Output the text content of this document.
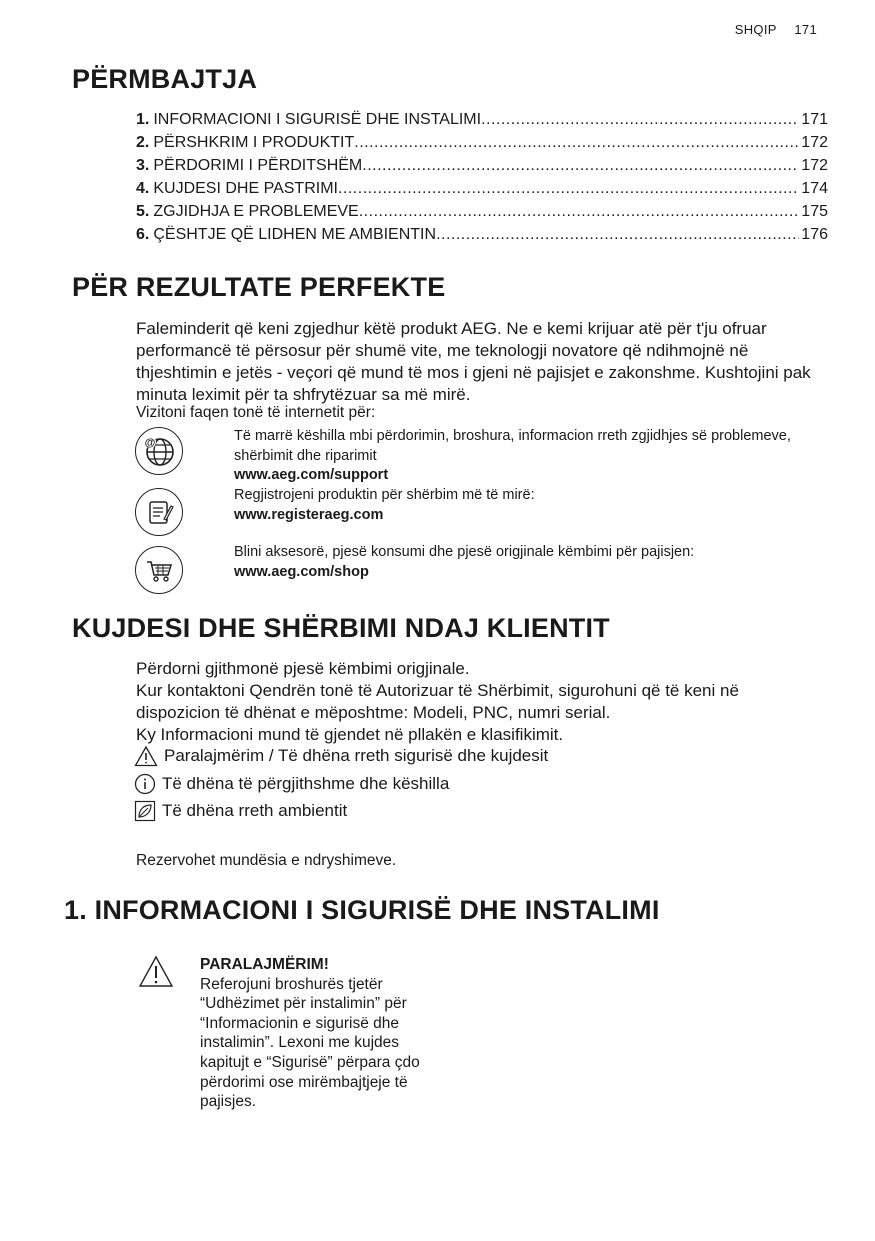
SHQIP 171
PËRMBAJTJA
1. INFORMACIONI I SIGURISË DHE INSTALIMI .....	171
2. PËRSHKRIM I PRODUKTIT .....	172
3. PËRDORIMI I PËRDITSHËM .....	172
4. KUJDESI DHE PASTRIMI .....	174
5. ZGJIDHJA E PROBLEMEVE .....	175
6. ÇËSHTJE QË LIDHEN ME AMBIENTIN .....	176
PËR REZULTATE PERFEKTE
Faleminderit që keni zgjedhur këtë produkt AEG. Ne e kemi krijuar atë për t'ju ofruar performancë të përsosur për shumë vite, me teknologji novatore që ndihmojnë në thjeshtimin e jetës - veçori që mund të mos i gjeni në pajisjet e zakonshme. Kushtojini pak minuta leximit për ta shfrytëzuar sa më mirë.
Vizitoni faqen tonë të internetit për:
@	Të marrë këshilla mbi përdorimin, broshura, informacion rreth zgjidhjes së problemeve, shërbimit dhe riparimit
www.aeg.com/support
Regjistrojeni produktin për shërbim më të mirë:
www.registeraeg.com
Blini aksesorë, pjesë konsumi dhe pjesë origjinale këmbimi për pajisjen:
www.aeg.com/shop
KUJDESI DHE SHËRBIMI NDAJ KLIENTIT
Përdorni gjithmonë pjesë këmbimi origjinale.
Kur kontaktoni Qendrën tonë të Autorizuar të Shërbimit, sigurohuni që të keni në dispozicion të dhënat e mëposhtme: Modeli, PNC, numri serial.
Ky Informacioni mund të gjendet në pllakën e klasifikimit.
Paralajmërim / Të dhëna rreth sigurisë dhe kujdesit
Të dhëna të përgjithshme dhe këshilla
Të dhëna rreth ambientit
Rezervohet mundësia e ndryshimeve.
1. INFORMACIONI I SIGURISË DHE INSTALIMI
PARALAJMËRIM!
Referojuni broshurës tjetër “Udhëzimet për instalimin” për “Informacionin e sigurisë dhe instalimin”. Lexoni me kujdes kapitujt e “Sigurisë” përpara çdo përdorimi ose mirëmbajtjeje të pajisjes.
